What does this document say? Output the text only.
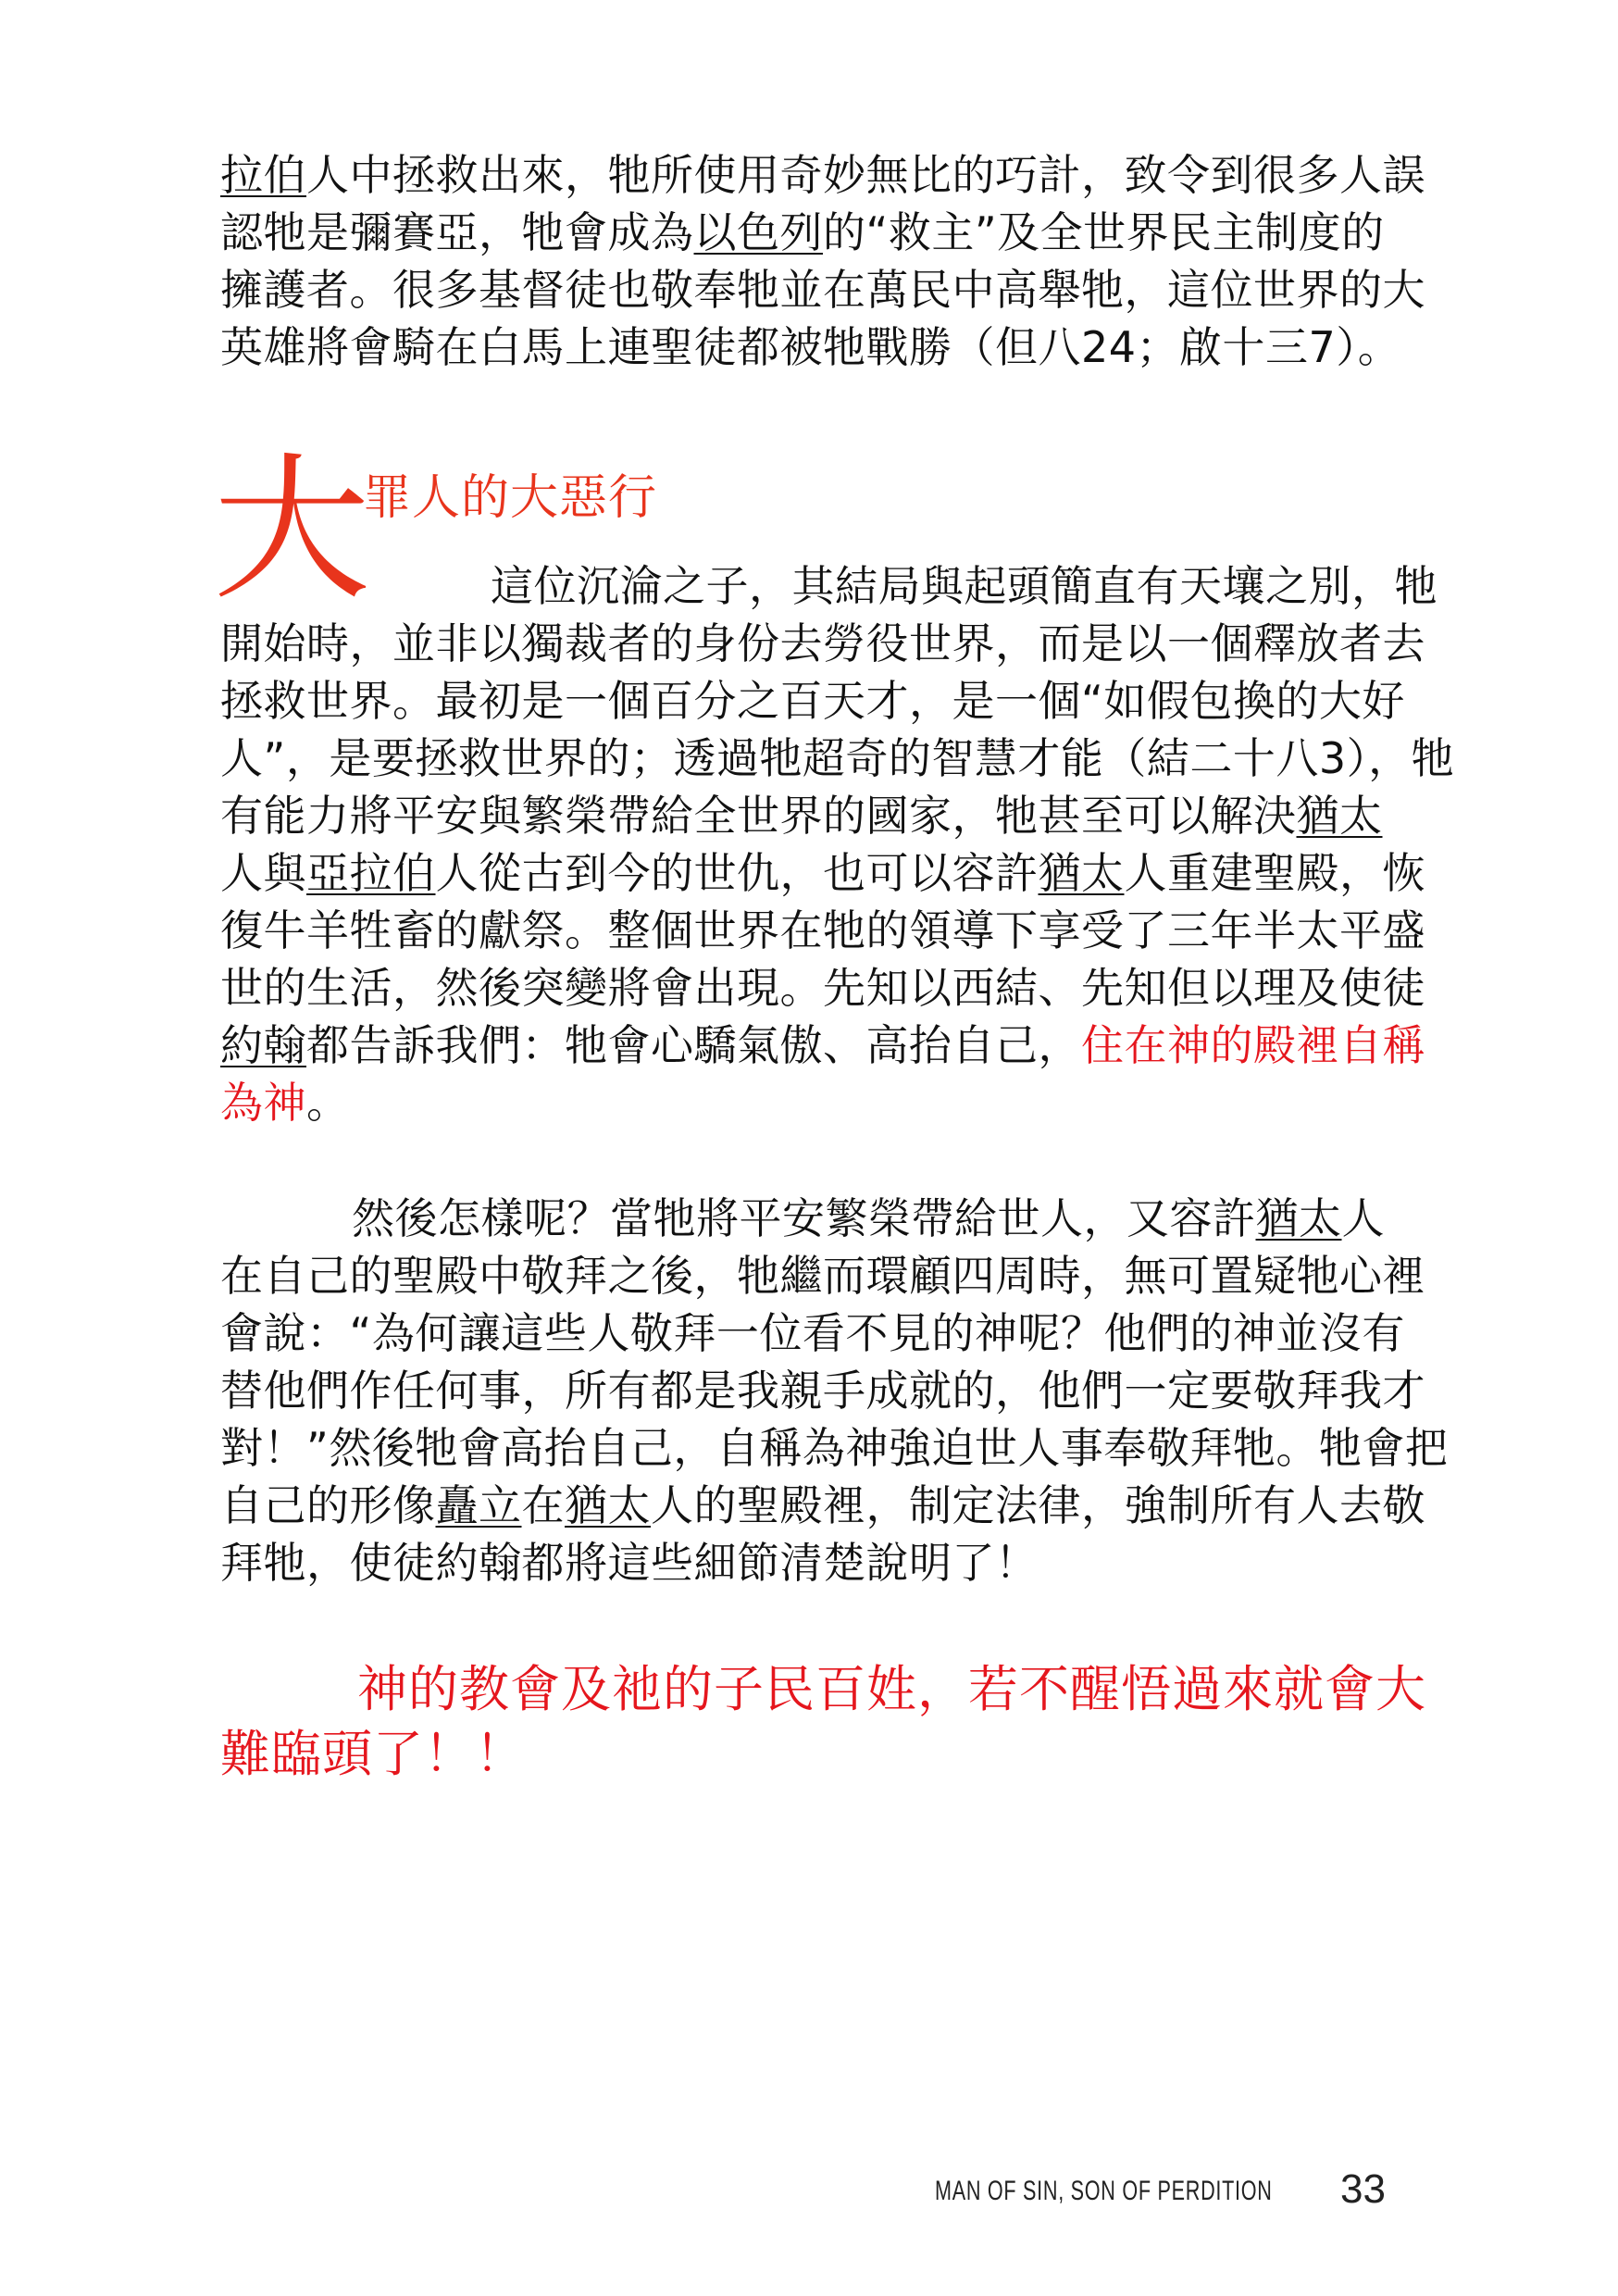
拉伯人中拯救出來，牠所使用奇妙無比的巧計，致令到很多人誤
認牠是彌賽亞，牠會成為以色列的“救主”及全世界民主制度的
擁護者。很多基督徒也敬奉牠並在萬民中高舉牠，這位世界的大
英雄將會騎在白馬上連聖徒都被牠戰勝（但八24；啟十三7）。
大
罪人的大惡行
這位沉淪之子，其結局與起頭簡直有天壤之別，牠
開始時，並非以獨裁者的身份去勞役世界，而是以一個釋放者去
拯救世界。最初是一個百分之百天才，是一個“如假包換的大好
人”，是要拯救世界的；透過牠超奇的智慧才能（結二十八3），牠
有能力將平安與繁榮帶給全世界的國家，牠甚至可以解決猶太
人與亞拉伯人從古到今的世仇，也可以容許猶太人重建聖殿，恢
復牛羊牲畜的獻祭。整個世界在牠的領導下享受了三年半太平盛
世的生活，然後突變將會出現。先知以西結、先知但以理及使徒
約翰都告訴我們：牠會心驕氣傲、高抬自己，住在神的殿裡自稱
為神。
然後怎樣呢？當牠將平安繁榮帶給世人，又容許猶太人
在自己的聖殿中敬拜之後，牠繼而環顧四周時，無可置疑牠心裡
會說：“為何讓這些人敬拜一位看不見的神呢？他們的神並沒有
替他們作任何事，所有都是我親手成就的，他們一定要敬拜我才
對！”然後牠會高抬自己，自稱為神強迫世人事奉敬拜牠。牠會把
自己的形像矗立在猶太人的聖殿裡，制定法律，強制所有人去敬
拜牠，使徒約翰都將這些細節清楚說明了！
神的教會及祂的子民百姓，若不醒悟過來就會大
難臨頭了！！
MAN OF SIN, SON OF PERDITION 33
